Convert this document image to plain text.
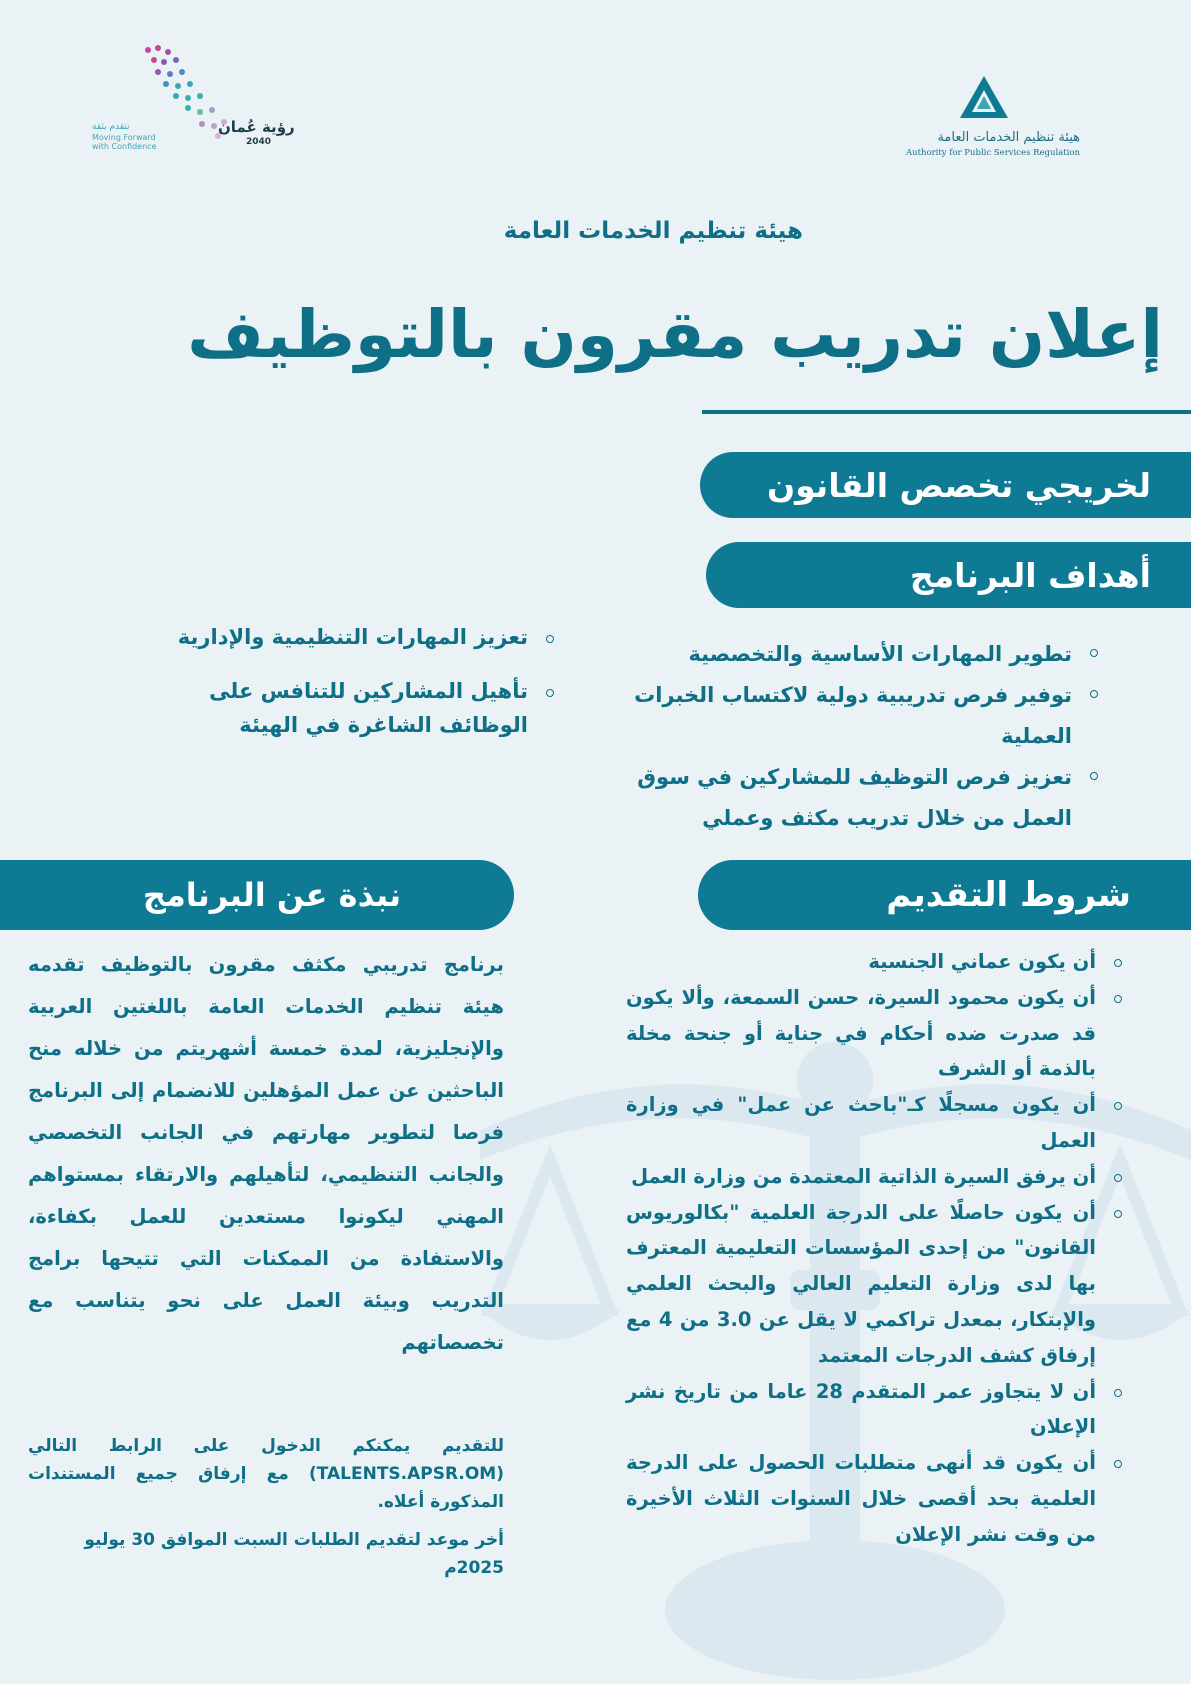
نتقدم بثقة
Moving Forward
with Confidence
رؤية عُمان
2040	هيئة تنظيم الخدمات العامة
Authority for Public Services Regulation
هيئة تنظيم الخدمات العامة
إعلان تدريب مقرون بالتوظيف
لخريجي تخصص القانون
أهداف البرنامج
تطوير المهارات الأساسية والتخصصية
توفير فرص تدريبية دولية لاكتساب الخبرات العملية
تعزيز فرص التوظيف للمشاركين في سوق العمل من خلال تدريب مكثف وعملي
تعزيز المهارات التنظيمية والإدارية
تأهيل المشاركين للتنافس على الوظائف الشاغرة في الهيئة
شروط التقديم
نبذة عن البرنامج
أن يكون عماني الجنسية
أن يكون محمود السيرة، حسن السمعة، وألا يكون قد صدرت ضده أحكام في جناية أو جنحة مخلة بالذمة أو الشرف
أن يكون مسجلًا كـ"باحث عن عمل" في وزارة العمل
أن يرفق السيرة الذاتية المعتمدة من وزارة العمل
أن يكون حاصلًا على الدرجة العلمية "بكالوريوس القانون" من إحدى المؤسسات التعليمية المعترف بها لدى وزارة التعليم العالي والبحث العلمي والإبتكار، بمعدل تراكمي لا يقل عن 3.0 من 4 مع إرفاق كشف الدرجات المعتمد
أن لا يتجاوز عمر المتقدم 28 عاما من تاريخ نشر الإعلان
أن يكون قد أنهى متطلبات الحصول على الدرجة العلمية بحد أقصى خلال السنوات الثلاث الأخيرة من وقت نشر الإعلان
برنامج تدريبي مكثف مقرون بالتوظيف تقدمه هيئة تنظيم الخدمات العامة باللغتين العربية والإنجليزية، لمدة خمسة أشهريتم من خلاله منح الباحثين عن عمل المؤهلين للانضمام إلى البرنامج فرصا لتطوير مهارتهم في الجانب التخصصي والجانب التنظيمي، لتأهيلهم والارتقاء بمستواهم المهني ليكونوا مستعدين للعمل بكفاءة، والاستفادة من الممكنات التي تتيحها برامج التدريب وبيئة العمل على نحو يتناسب مع تخصصاتهم
للتقديم يمكنكم الدخول على الرابط التالي (TALENTS.APSR.OM) مع إرفاق جميع المستندات المذكورة أعلاه.
أخر موعد لتقديم الطلبات السبت الموافق 30 يوليو 2025م
